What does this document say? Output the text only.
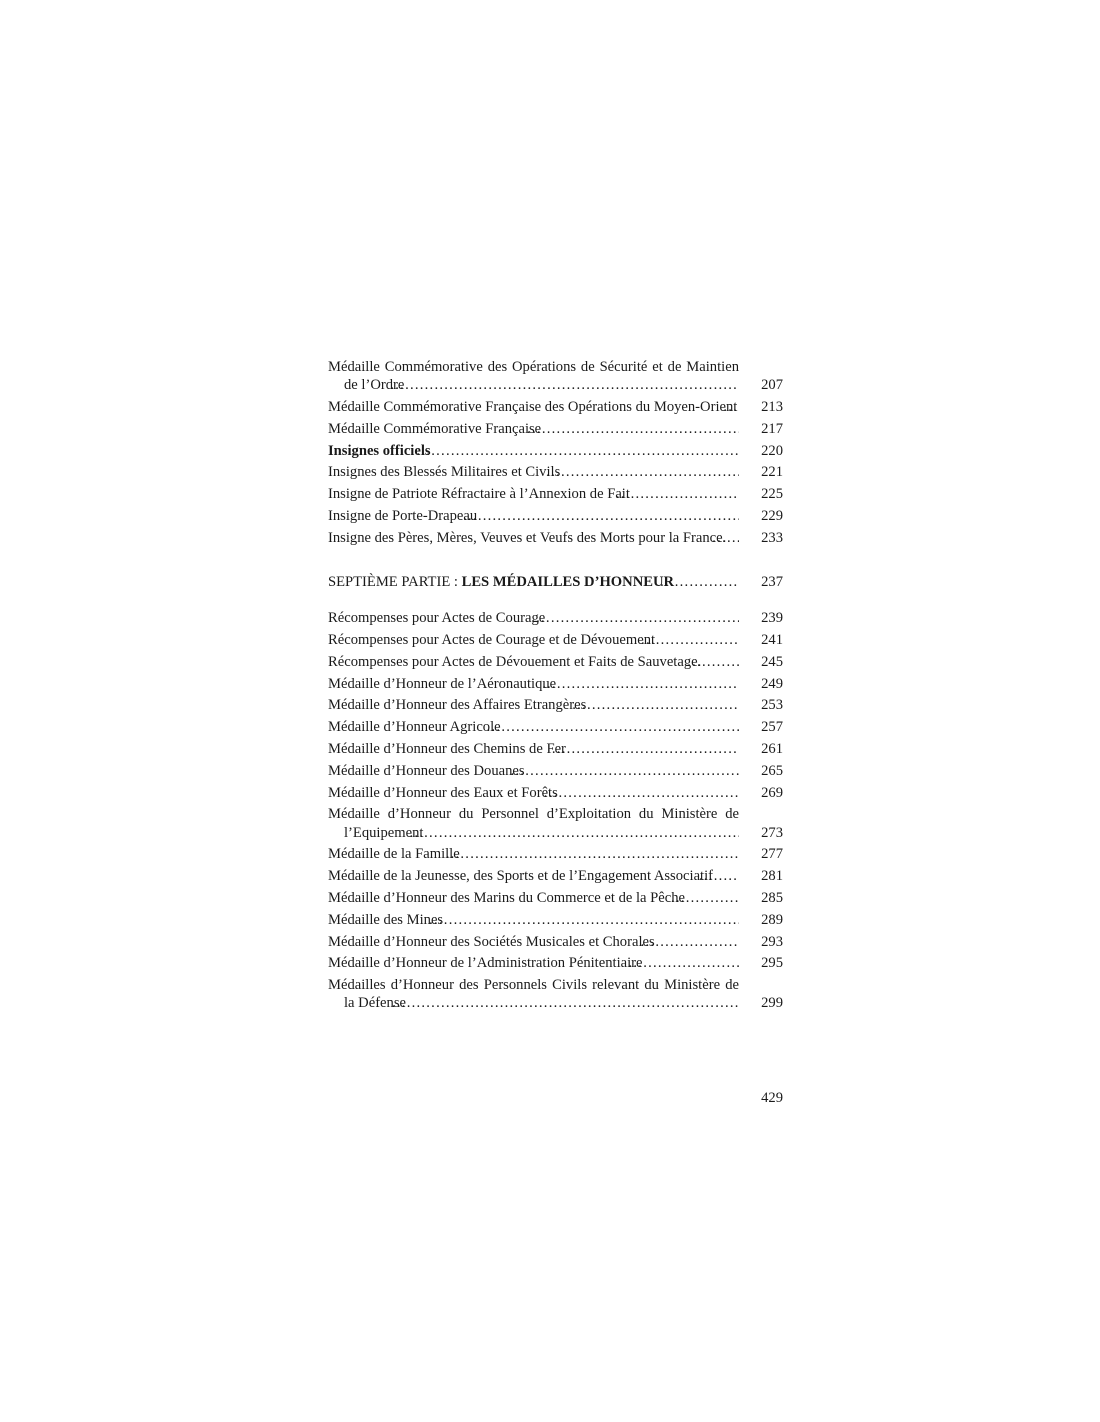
Médaille Commémorative des Opérations de Sécurité et de Maintien de l’Ordre . . .	207
Médaille Commémorative Française des Opérations du Moyen-Orient . . .	213
Médaille Commémorative Française . . .	217
Insignes officiels . . .	220
Insignes des Blessés Militaires et Civils . . .	221
Insigne de Patriote Réfractaire à l’Annexion de Fait . . .	225
Insigne de Porte-Drapeau . . .	229
Insigne des Pères, Mères, Veuves et Veufs des Morts pour la France. . . .	233
SEPTIÈME PARTIE : LES MÉDAILLES D’HONNEUR . . .	237
Récompenses pour Actes de Courage . . .	239
Récompenses pour Actes de Courage et de Dévouement . . .	241
Récompenses pour Actes de Dévouement et Faits de Sauvetage. . . .	245
Médaille d’Honneur de l’Aéronautique . . .	249
Médaille d’Honneur des Affaires Etrangères . . .	253
Médaille d’Honneur Agricole . . .	257
Médaille d’Honneur des Chemins de Fer . . .	261
Médaille d’Honneur des Douanes . . .	265
Médaille d’Honneur des Eaux et Forêts . . .	269
Médaille d’Honneur du Personnel d’Exploitation du Ministère de l’Equipement . . .	273
Médaille de la Famille . . .	277
Médaille de la Jeunesse, des Sports et de l’Engagement Associatif . . .	281
Médaille d’Honneur des Marins du Commerce et de la Pêche . . .	285
Médaille des Mines . . .	289
Médaille d’Honneur des Sociétés Musicales et Chorales . . .	293
Médaille d’Honneur de l’Administration Pénitentiaire . . .	295
Médailles d’Honneur des Personnels Civils relevant du Ministère de la Défense . . .	299
429
